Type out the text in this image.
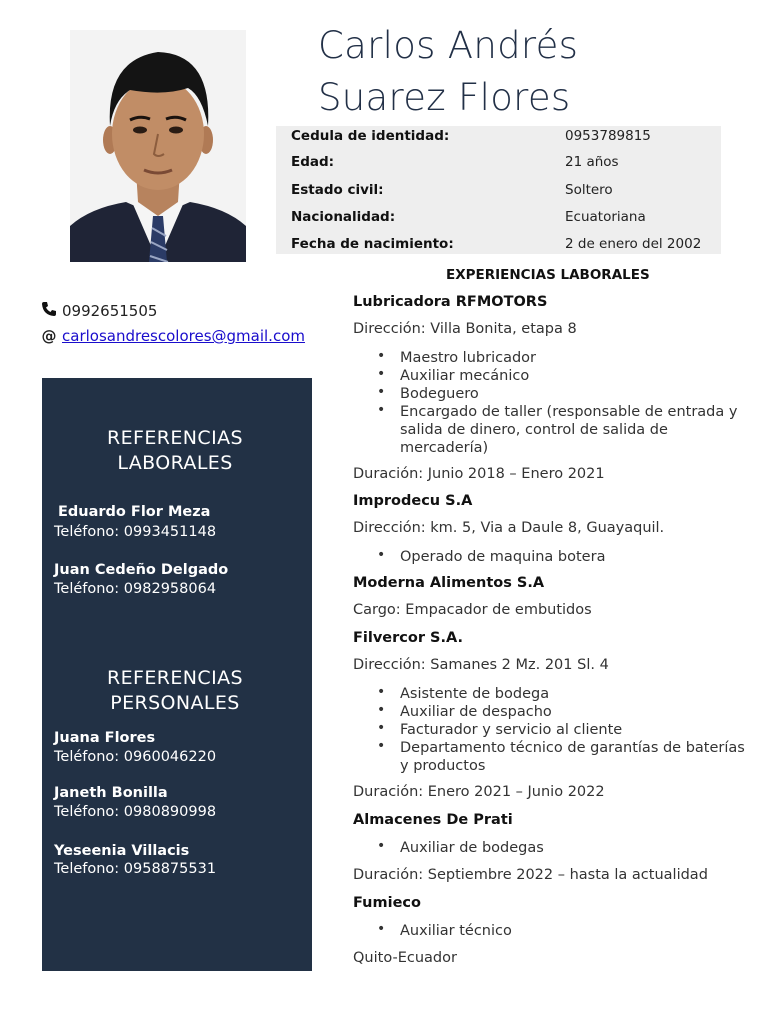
Carlos Andrés
Suarez Flores
Cedula de identidad:	0953789815
Edad:	21 años
Estado civil:	Soltero
Nacionalidad:	Ecuatoriana
Fecha de nacimiento:	2 de enero del 2002
0992651505
@ carlosandrescolores@gmail.com
REFERENCIAS
LABORALES
Eduardo Flor Meza
Teléfono: 0993451148
Juan Cedeño Delgado
Teléfono: 0982958064
REFERENCIAS
PERSONALES
Juana Flores
Teléfono: 0960046220
Janeth Bonilla
Teléfono: 0980890998
Yeseenia Villacis
Telefono: 0958875531
EXPERIENCIAS LABORALES
Lubricadora RFMOTORS
Dirección: Villa Bonita, etapa 8
• Maestro lubricador
• Auxiliar mecánico
• Bodeguero
• Encargado de taller (responsable de entrada y salida de dinero, control de salida de mercadería)
Duración: Junio 2018 – Enero 2021
Improdecu S.A
Dirección: km. 5, Via a Daule 8, Guayaquil.
• Operado de maquina botera
Moderna Alimentos S.A
Cargo: Empacador de embutidos
Filvercor S.A.
Dirección: Samanes 2 Mz. 201 Sl. 4
• Asistente de bodega
• Auxiliar de despacho
• Facturador y servicio al cliente
• Departamento técnico de garantías de baterías y productos
Duración: Enero 2021 – Junio 2022
Almacenes De Prati
• Auxiliar de bodegas
Duración: Septiembre 2022 – hasta la actualidad
Fumieco
• Auxiliar técnico
Quito-Ecuador
